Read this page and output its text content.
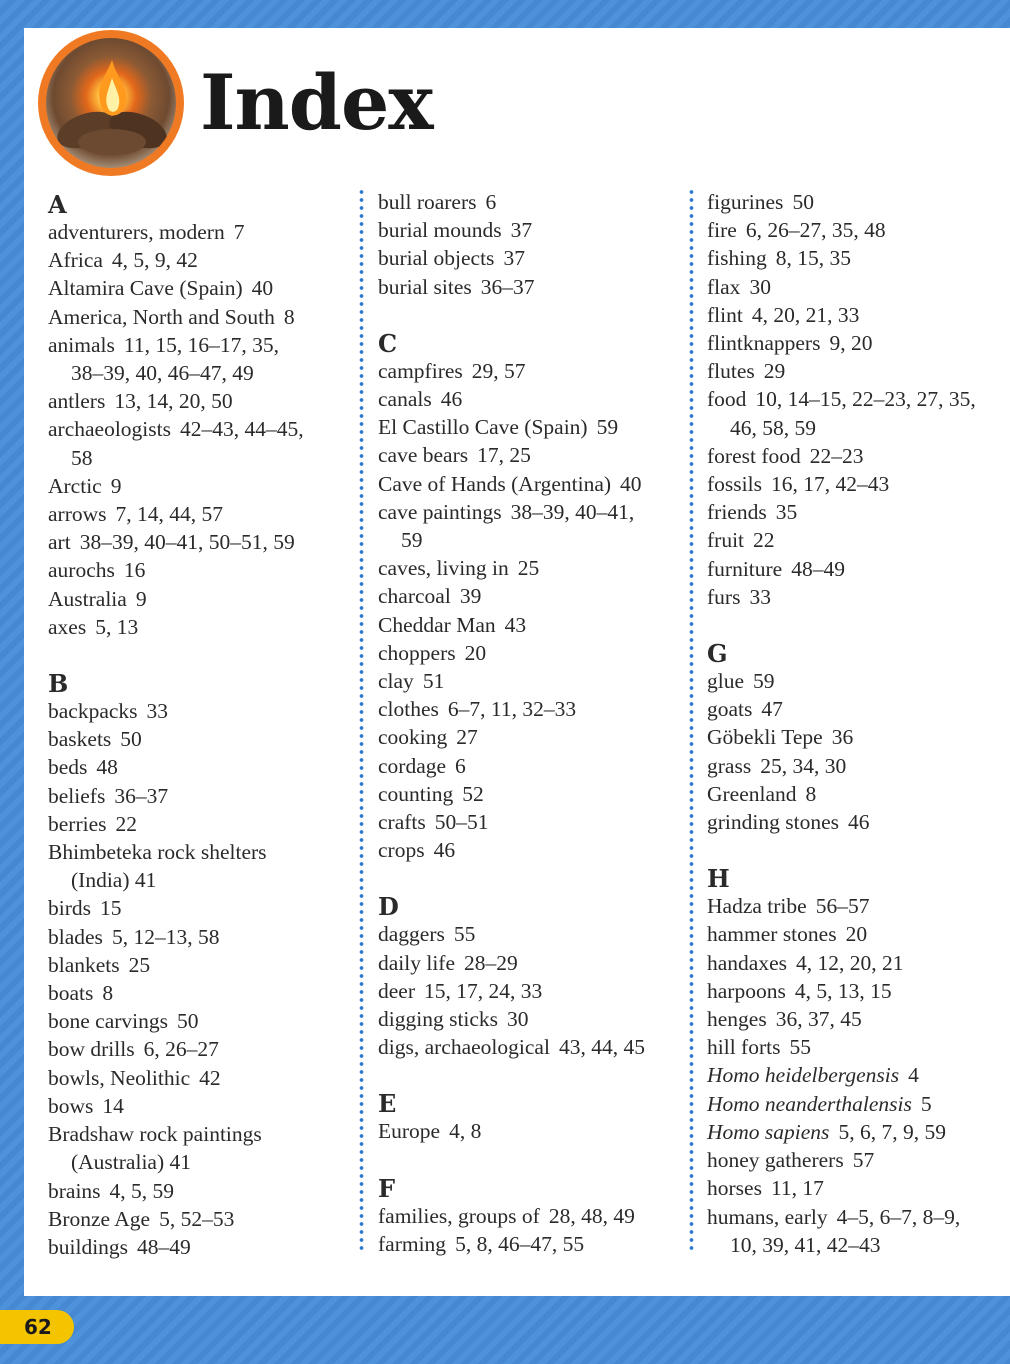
Index
A
adventurers, modern 7
Africa 4, 5, 9, 42
Altamira Cave (Spain) 40
America, North and South 8
animals 11, 15, 16–17, 35,
38–39, 40, 46–47, 49
antlers 13, 14, 20, 50
archaeologists 42–43, 44–45,
58
Arctic 9
arrows 7, 14, 44, 57
art 38–39, 40–41, 50–51, 59
aurochs 16
Australia 9
axes 5, 13
B
backpacks 33
baskets 50
beds 48
beliefs 36–37
berries 22
Bhimbeteka rock shelters
(India) 41
birds 15
blades 5, 12–13, 58
blankets 25
boats 8
bone carvings 50
bow drills 6, 26–27
bowls, Neolithic 42
bows 14
Bradshaw rock paintings
(Australia) 41
brains 4, 5, 59
Bronze Age 5, 52–53
buildings 48–49
bull roarers 6
burial mounds 37
burial objects 37
burial sites 36–37
C
campfires 29, 57
canals 46
El Castillo Cave (Spain) 59
cave bears 17, 25
Cave of Hands (Argentina) 40
cave paintings 38–39, 40–41,
59
caves, living in 25
charcoal 39
Cheddar Man 43
choppers 20
clay 51
clothes 6–7, 11, 32–33
cooking 27
cordage 6
counting 52
crafts 50–51
crops 46
D
daggers 55
daily life 28–29
deer 15, 17, 24, 33
digging sticks 30
digs, archaeological 43, 44, 45
E
Europe 4, 8
F
families, groups of 28, 48, 49
farming 5, 8, 46–47, 55
figurines 50
fire 6, 26–27, 35, 48
fishing 8, 15, 35
flax 30
flint 4, 20, 21, 33
flintknappers 9, 20
flutes 29
food 10, 14–15, 22–23, 27, 35,
46, 58, 59
forest food 22–23
fossils 16, 17, 42–43
friends 35
fruit 22
furniture 48–49
furs 33
G
glue 59
goats 47
Göbekli Tepe 36
grass 25, 34, 30
Greenland 8
grinding stones 46
H
Hadza tribe 56–57
hammer stones 20
handaxes 4, 12, 20, 21
harpoons 4, 5, 13, 15
henges 36, 37, 45
hill forts 55
Homo heidelbergensis 4
Homo neanderthalensis 5
Homo sapiens 5, 6, 7, 9, 59
honey gatherers 57
horses 11, 17
humans, early 4–5, 6–7, 8–9,
10, 39, 41, 42–43
62
